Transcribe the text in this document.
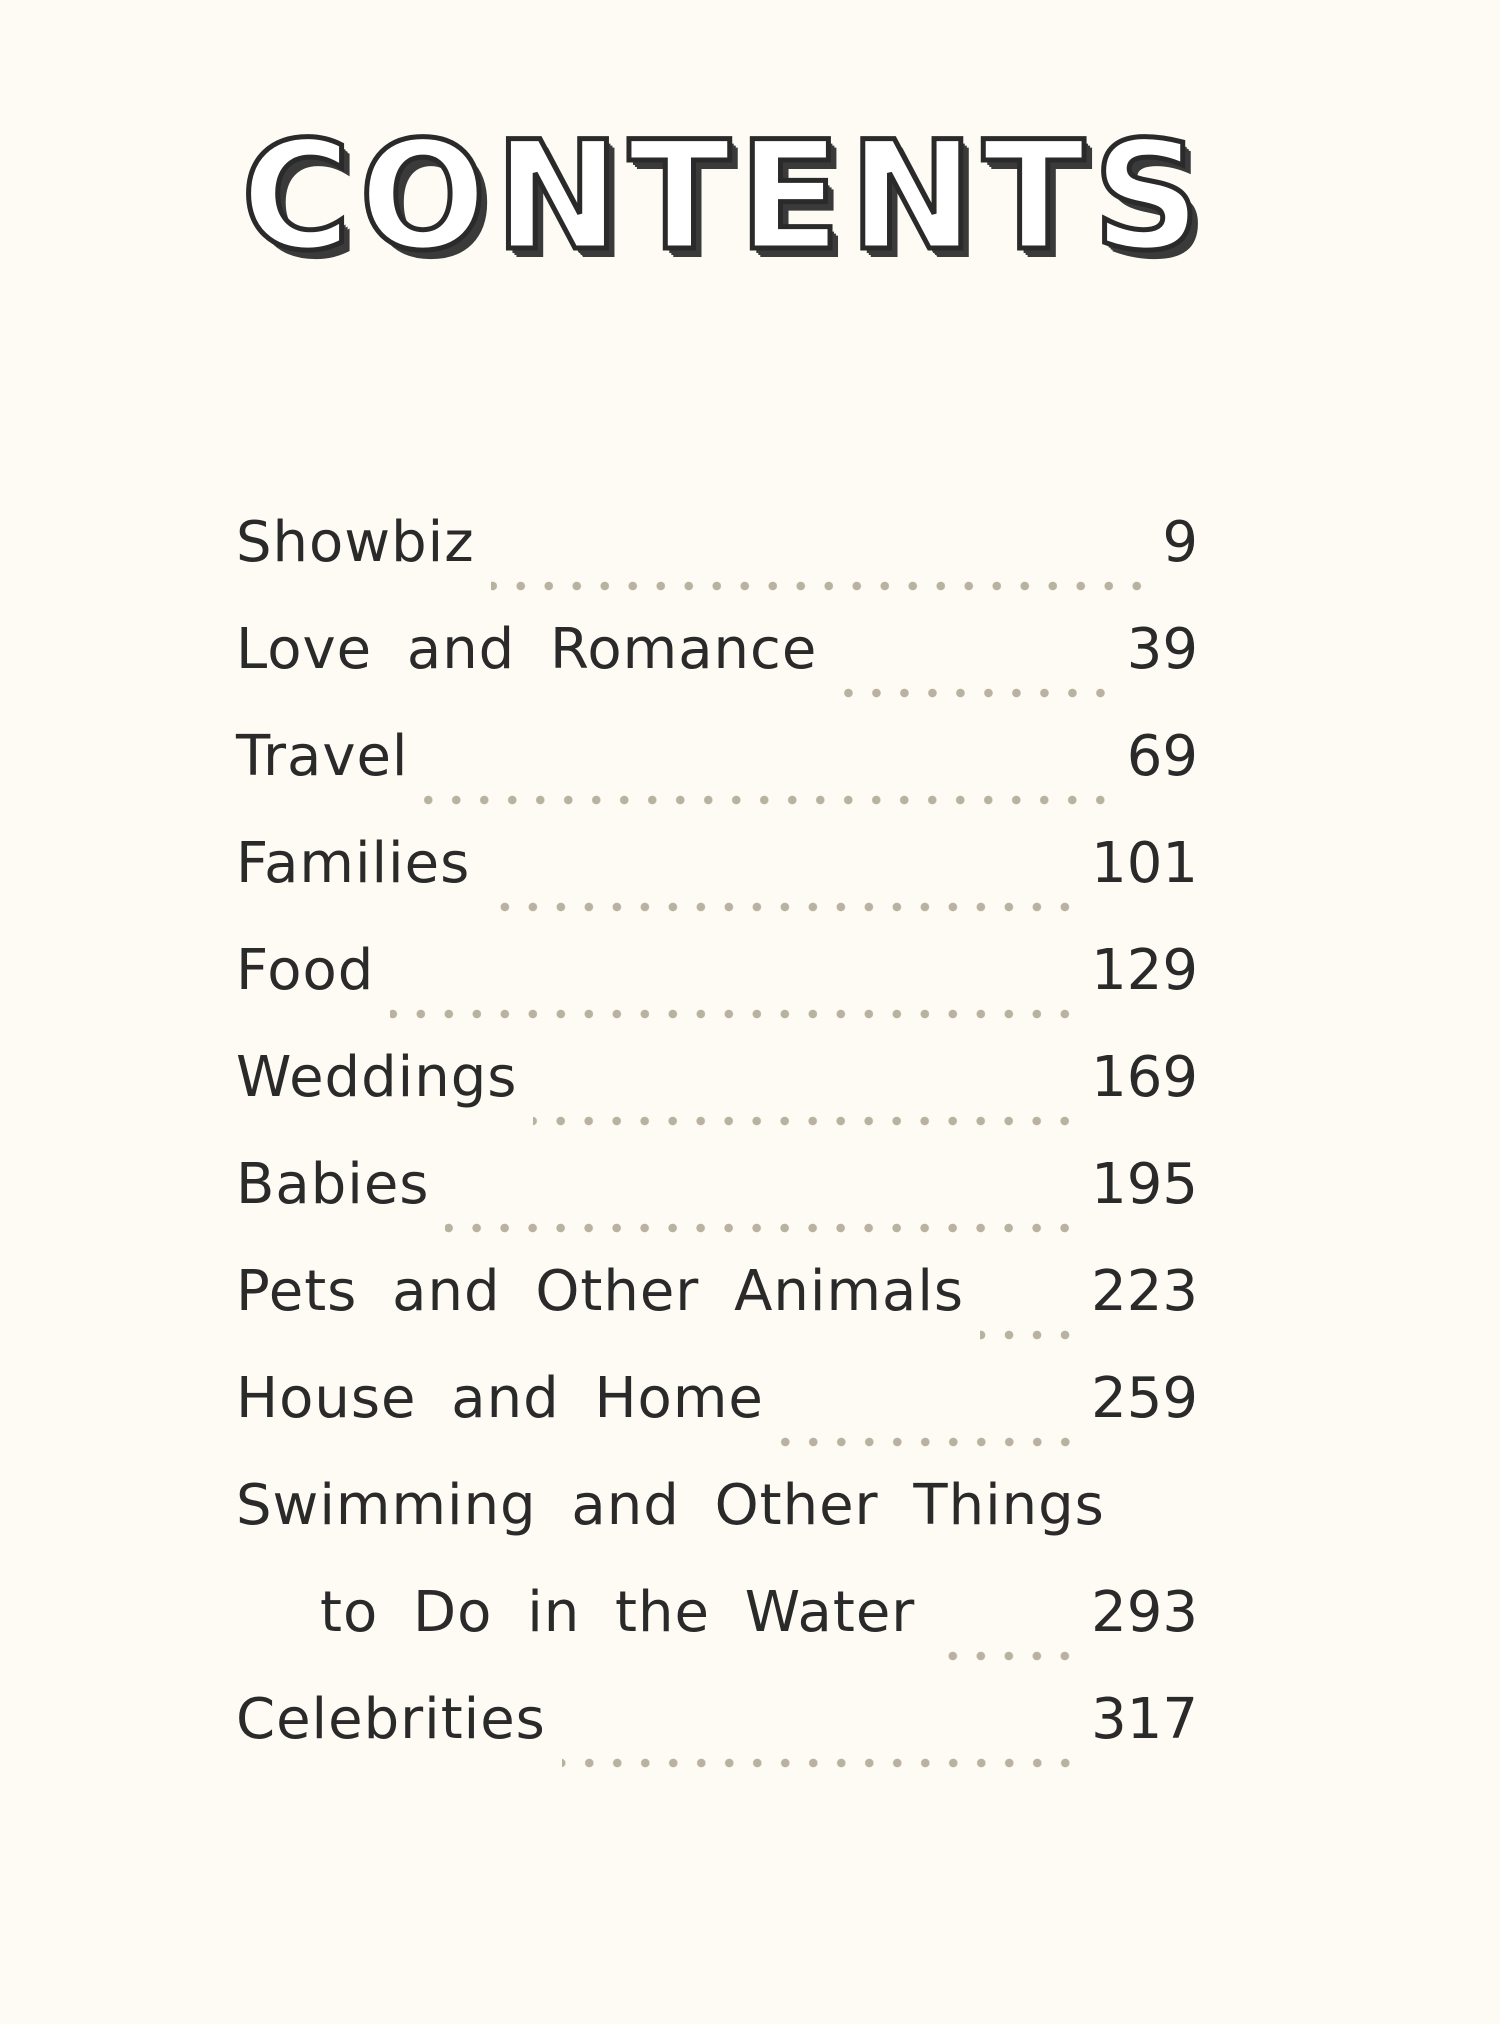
CONTENTS
Showbiz	9
Love and Romance	39
Travel	69
Families	101
Food	129
Weddings	169
Babies	195
Pets and Other Animals 223
House and Home	259
Swimming and Other Things
to Do in the Water	293
Celebrities	317
